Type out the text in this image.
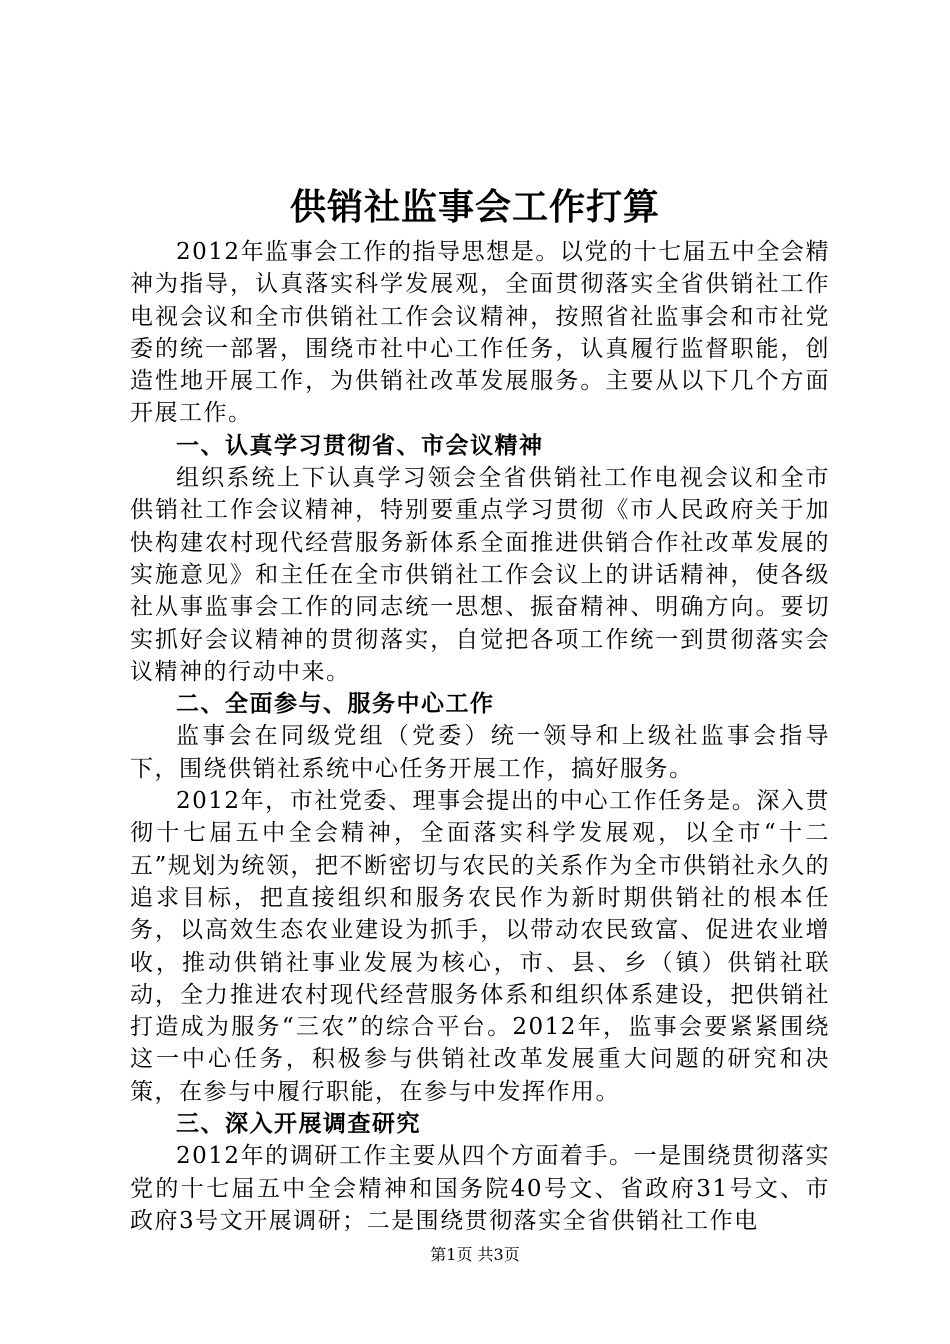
供销社监事会工作打算

2012年监事会工作的指导思想是。以党的十七届五中全会精神为指导，认真落实科学发展观，全面贯彻落实全省供销社工作电视会议和全市供销社工作会议精神，按照省社监事会和市社党委的统一部署，围绕市社中心工作任务，认真履行监督职能，创造性地开展工作，为供销社改革发展服务。主要从以下几个方面开展工作。

一、认真学习贯彻省、市会议精神

组织系统上下认真学习领会全省供销社工作电视会议和全市供销社工作会议精神，特别要重点学习贯彻《市人民政府关于加快构建农村现代经营服务新体系全面推进供销合作社改革发展的实施意见》和主任在全市供销社工作会议上的讲话精神，使各级社从事监事会工作的同志统一思想、振奋精神、明确方向。要切实抓好会议精神的贯彻落实，自觉把各项工作统一到贯彻落实会议精神的行动中来。

二、全面参与、服务中心工作

监事会在同级党组（党委）统一领导和上级社监事会指导下，围绕供销社系统中心任务开展工作，搞好服务。

2012年，市社党委、理事会提出的中心工作任务是。深入贯彻十七届五中全会精神，全面落实科学发展观，以全市“十二五”规划为统领，把不断密切与农民的关系作为全市供销社永久的追求目标，把直接组织和服务农民作为新时期供销社的根本任务，以高效生态农业建设为抓手，以带动农民致富、促进农业增收，推动供销社事业发展为核心，市、县、乡（镇）供销社联动，全力推进农村现代经营服务体系和组织体系建设，把供销社打造成为服务“三农”的综合平台。2012年，监事会要紧紧围绕这一中心任务，积极参与供销社改革发展重大问题的研究和决策，在参与中履行职能，在参与中发挥作用。

三、深入开展调查研究

2012年的调研工作主要从四个方面着手。一是围绕贯彻落实党的十七届五中全会精神和国务院40号文、省政府31号文、市政府3号文开展调研；二是围绕贯彻落实全省供销社工作电

第1页 共3页
